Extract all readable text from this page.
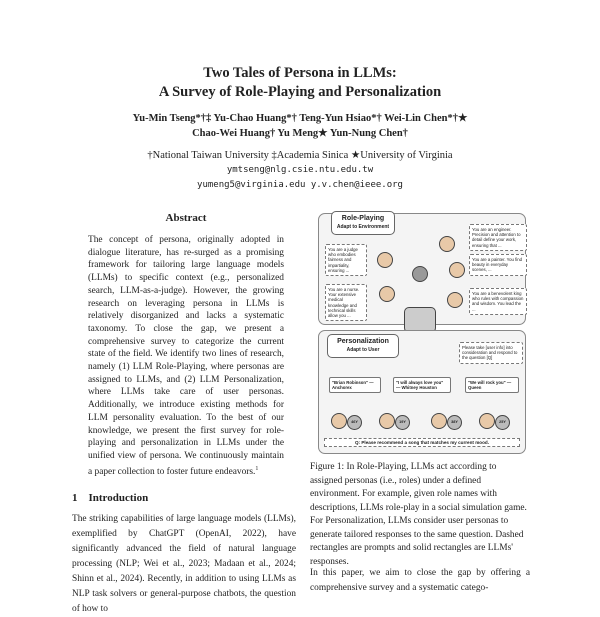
Two Tales of Persona in LLMs:
A Survey of Role-Playing and Personalization
Yu-Min Tseng*†‡ Yu-Chao Huang*† Teng-Yun Hsiao*† Wei-Lin Chen*†★
Chao-Wei Huang† Yu Meng★ Yun-Nung Chen†
†National Taiwan University ‡Academia Sinica ★University of Virginia
ymtseng@nlg.csie.ntu.edu.tw
yumeng5@virginia.edu y.v.chen@ieee.org
Abstract

The concept of persona, originally adopted in dialogue literature, has re-surged as a promising framework for tailoring large language models (LLMs) to specific context (e.g., personalized search, LLM-as-a-judge). However, the growing research on leveraging persona in LLMs is relatively disorganized and lacks a systematic taxonomy. To close the gap, we present a comprehensive survey to categorize the current state of the field. We identify two lines of research, namely (1) LLM Role-Playing, where personas are assigned to LLMs, and (2) LLM Personalization, where LLMs take care of user personas. Additionally, we introduce existing methods for LLM personality evaluation. To the best of our knowledge, we present the first survey for role-playing and personalization in LLMs under the unified view of persona. We continuously maintain a paper collection to foster future endeavors.$^1$

1 Introduction

The striking capabilities of large language models (LLMs), exemplified by ChatGPT (OpenAI, 2022), have significantly advanced the field of natural language processing (NLP; Wei et al., 2023; Madaan et al., 2024; Shinn et al., 2024). Recently, in addition to using LLMs as NLP task solvers or general-purpose chatbots, the question of how to

Role-Playing
Adapt to Environment
You are a judge who embodies fairness and impartiality, ensuring ...
You are a nurse. Your extensive medical knowledge and technical skills allow you ...
You are an engineer. Precision and attention to detail define your work, ensuring that ...
You are a painter. You find beauty in everyday scenes, ...
You are a benevolent king who rules with compassion and wisdom. You lead the ...
Personalization
Adapt to User	Please take [user info] into consideration and respond to the question [Q]
"Brian Robinson" — Anchorex
"I will always love you" — Whitney Houston
"We will rock you" — Queen
46Y	19Y	38Y	25Y
Q: Please recommend a song that matches my current mood.

Figure 1: In Role-Playing, LLMs act according to assigned personas (i.e., roles) under a defined environment. For example, given role names with descriptions, LLMs role-play in a social simulation game. For Personalization, LLMs consider user personas to generate tailored responses to the same question. Dashed rectangles are prompts and solid rectangles are LLMs' responses.

In this paper, we aim to close the gap by offering a comprehensive survey and a systematic catego-
